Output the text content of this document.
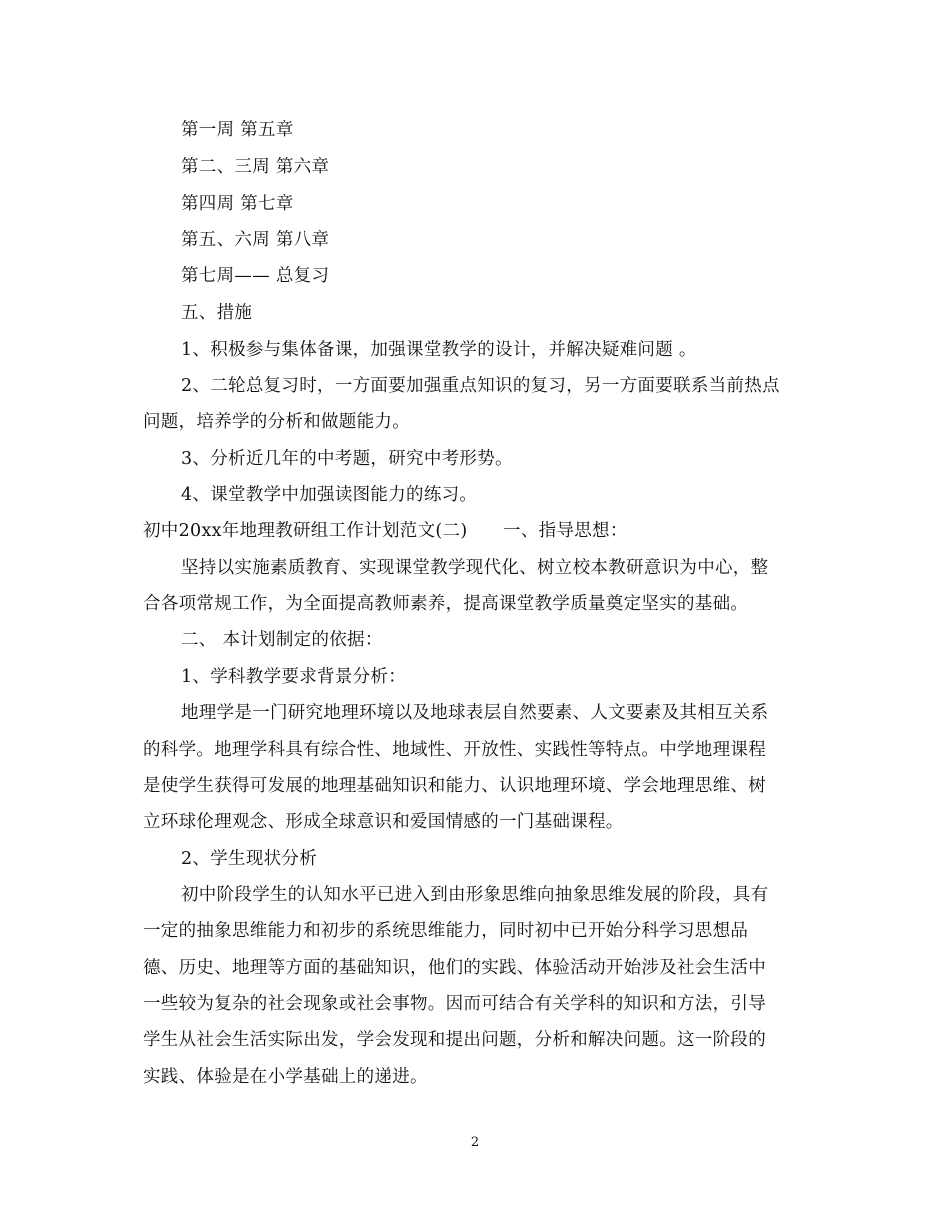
第一周 第五章
第二、三周 第六章
第四周 第七章
第五、六周 第八章
第七周—— 总复习
五、措施
1、积极参与集体备课，加强课堂教学的设计，并解决疑难问题 。
2、二轮总复习时，一方面要加强重点知识的复习，另一方面要联系当前热点
问题，培养学的分析和做题能力。
3、分析近几年的中考题，研究中考形势。
4、课堂教学中加强读图能力的练习。
初中20xx年地理教研组工作计划范文(二)　　一、指导思想：
坚持以实施素质教育、实现课堂教学现代化、树立校本教研意识为中心，整
合各项常规工作，为全面提高教师素养，提高课堂教学质量奠定坚实的基础。
二、 本计划制定的依据：
1、学科教学要求背景分析：
地理学是一门研究地理环境以及地球表层自然要素、人文要素及其相互关系
的科学。地理学科具有综合性、地域性、开放性、实践性等特点。中学地理课程
是使学生获得可发展的地理基础知识和能力、认识地理环境、学会地理思维、树
立环球伦理观念、形成全球意识和爱国情感的一门基础课程。
2、学生现状分析
初中阶段学生的认知水平已进入到由形象思维向抽象思维发展的阶段，具有
一定的抽象思维能力和初步的系统思维能力，同时初中已开始分科学习思想品
德、历史、地理等方面的基础知识，他们的实践、体验活动开始涉及社会生活中
一些较为复杂的社会现象或社会事物。因而可结合有关学科的知识和方法，引导
学生从社会生活实际出发，学会发现和提出问题，分析和解决问题。这一阶段的
实践、体验是在小学基础上的递进。
2
